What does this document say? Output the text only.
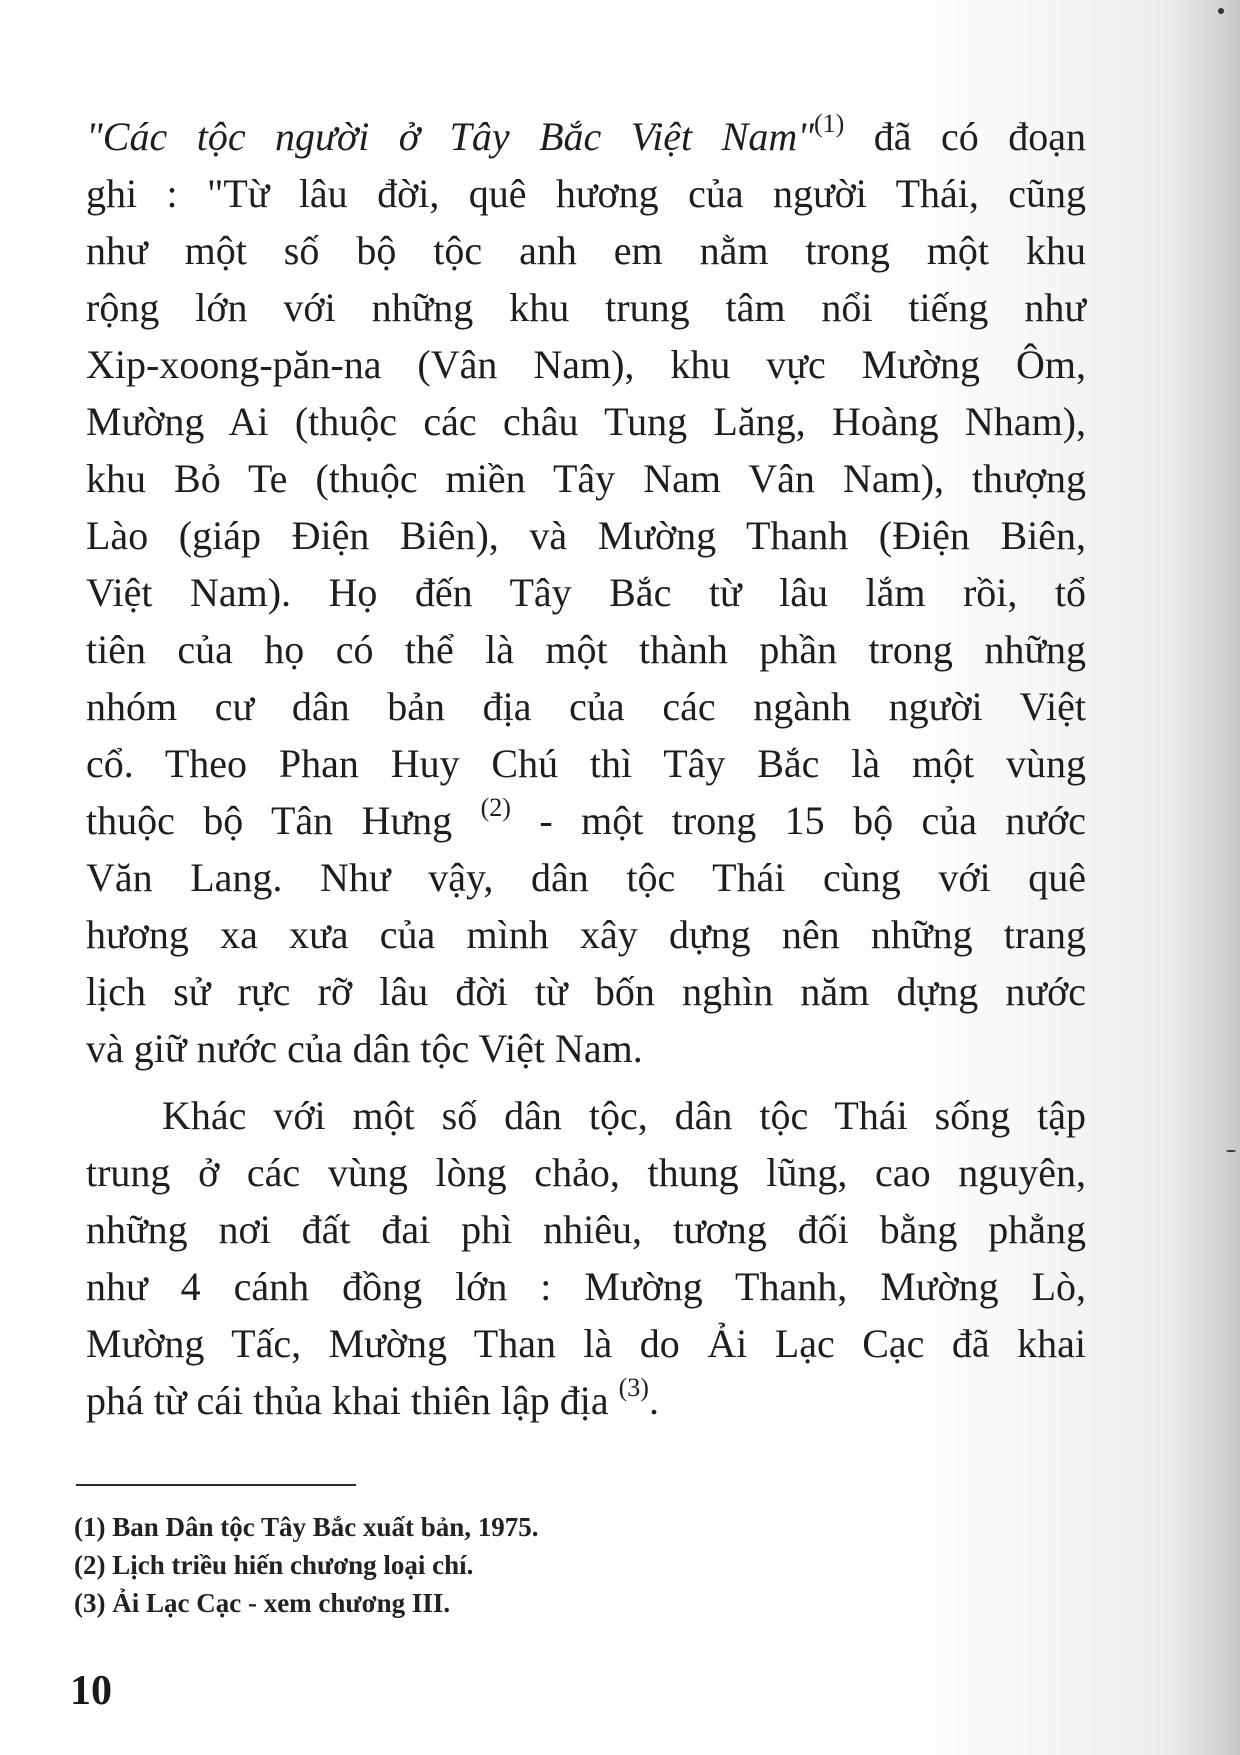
"Các tộc người ở Tây Bắc Việt Nam"$^{(1)}$ đã có đoạn
ghi : "Từ lâu đời, quê hương của người Thái, cũng
như một số bộ tộc anh em nằm trong một khu
rộng lớn với những khu trung tâm nổi tiếng như
Xip-xoong-păn-na (Vân Nam), khu vực Mường Ôm,
Mường Ai (thuộc các châu Tung Lăng, Hoàng Nham),
khu Bỏ Te (thuộc miền Tây Nam Vân Nam), thượng
Lào (giáp Điện Biên), và Mường Thanh (Điện Biên,
Việt Nam). Họ đến Tây Bắc từ lâu lắm rồi, tổ
tiên của họ có thể là một thành phần trong những
nhóm cư dân bản địa của các ngành người Việt
cổ. Theo Phan Huy Chú thì Tây Bắc là một vùng
thuộc bộ Tân Hưng $^{(2)}$ - một trong 15 bộ của nước
Văn Lang. Như vậy, dân tộc Thái cùng với quê
hương xa xưa của mình xây dựng nên những trang
lịch sử rực rỡ lâu đời từ bốn nghìn năm dựng nước
và giữ nước của dân tộc Việt Nam.
Khác với một số dân tộc, dân tộc Thái sống tập
trung ở các vùng lòng chảo, thung lũng, cao nguyên,
những nơi đất đai phì nhiêu, tương đối bằng phẳng
như 4 cánh đồng lớn : Mường Thanh, Mường Lò,
Mường Tấc, Mường Than là do Ải Lạc Cạc đã khai
phá từ cái thủa khai thiên lập địa $^{(3)}$.
(1) Ban Dân tộc Tây Bắc xuất bản, 1975.
(2) Lịch triều hiến chương loại chí.
(3) Ải Lạc Cạc - xem chương III.
10
